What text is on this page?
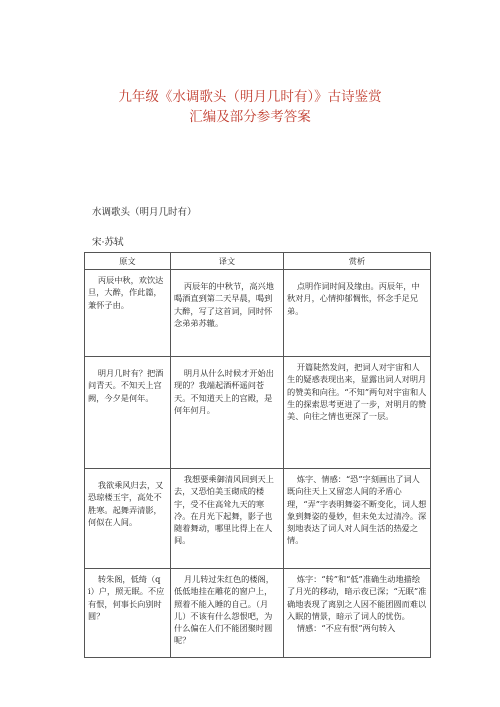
九年级《水调歌头（明月几时有）》古诗鉴赏
汇编及部分参考答案
水调歌头（明月几时有）
宋·苏轼
原文	译文	赏析

丙辰中秋，欢饮达旦，大醉，作此篇，兼怀子由。	丙辰年的中秋节，高兴地喝酒直到第二天早晨，喝到大醉，写了这首词，同时怀念弟弟苏辙。	点明作词时间及缘由。丙辰年，中秋对月，心情抑郁惆怅，怀念手足兄弟。

明月几时有？把酒问青天。不知天上宫阙，今夕是何年。	明月从什么时候才开始出现的？我端起酒杯遥问苍天。不知道天上的宫殿，是何年何月。	开篇陡然发问，把词人对宇宙和人生的疑惑表现出来，显露出词人对明月的赞美和向往。“不知”两句对宇宙和人生的探索思考更进了一步，对明月的赞美、向往之情也更深了一层。

我欲乘风归去，又恐琼楼玉宇，高处不胜寒。起舞弄清影，何似在人间。	我想要乘御清风回到天上去，又恐怕美玉砌成的楼宇，受不住高耸九天的寒冷。在月光下起舞，影子也随着舞动，哪里比得上在人间。	炼字、情感：“恐”字刻画出了词人既向往天上又留恋人间的矛盾心理，“弄”字表明舞姿不断变化，词人想象到舞姿的曼妙，但未免太过清冷。深刻地表达了词人对人间生活的热爱之情。

转朱阁，低绮（qi）户，照无眠。不应有恨，何事长向别时圆？	月儿转过朱红色的楼阁，低低地挂在雕花的窗户上，照着不能入睡的自己。（月儿）不该有什么怨恨吧，为什么偏在人们不能团聚时圆呢？	炼字：“转”和“低”准确生动地描绘了月光的移动，暗示夜已深；“无眠”准确地表现了离别之人因不能团圆而难以入眠的情景，暗示了词人的忧伤。

情感：“不应有恨”两句转入
